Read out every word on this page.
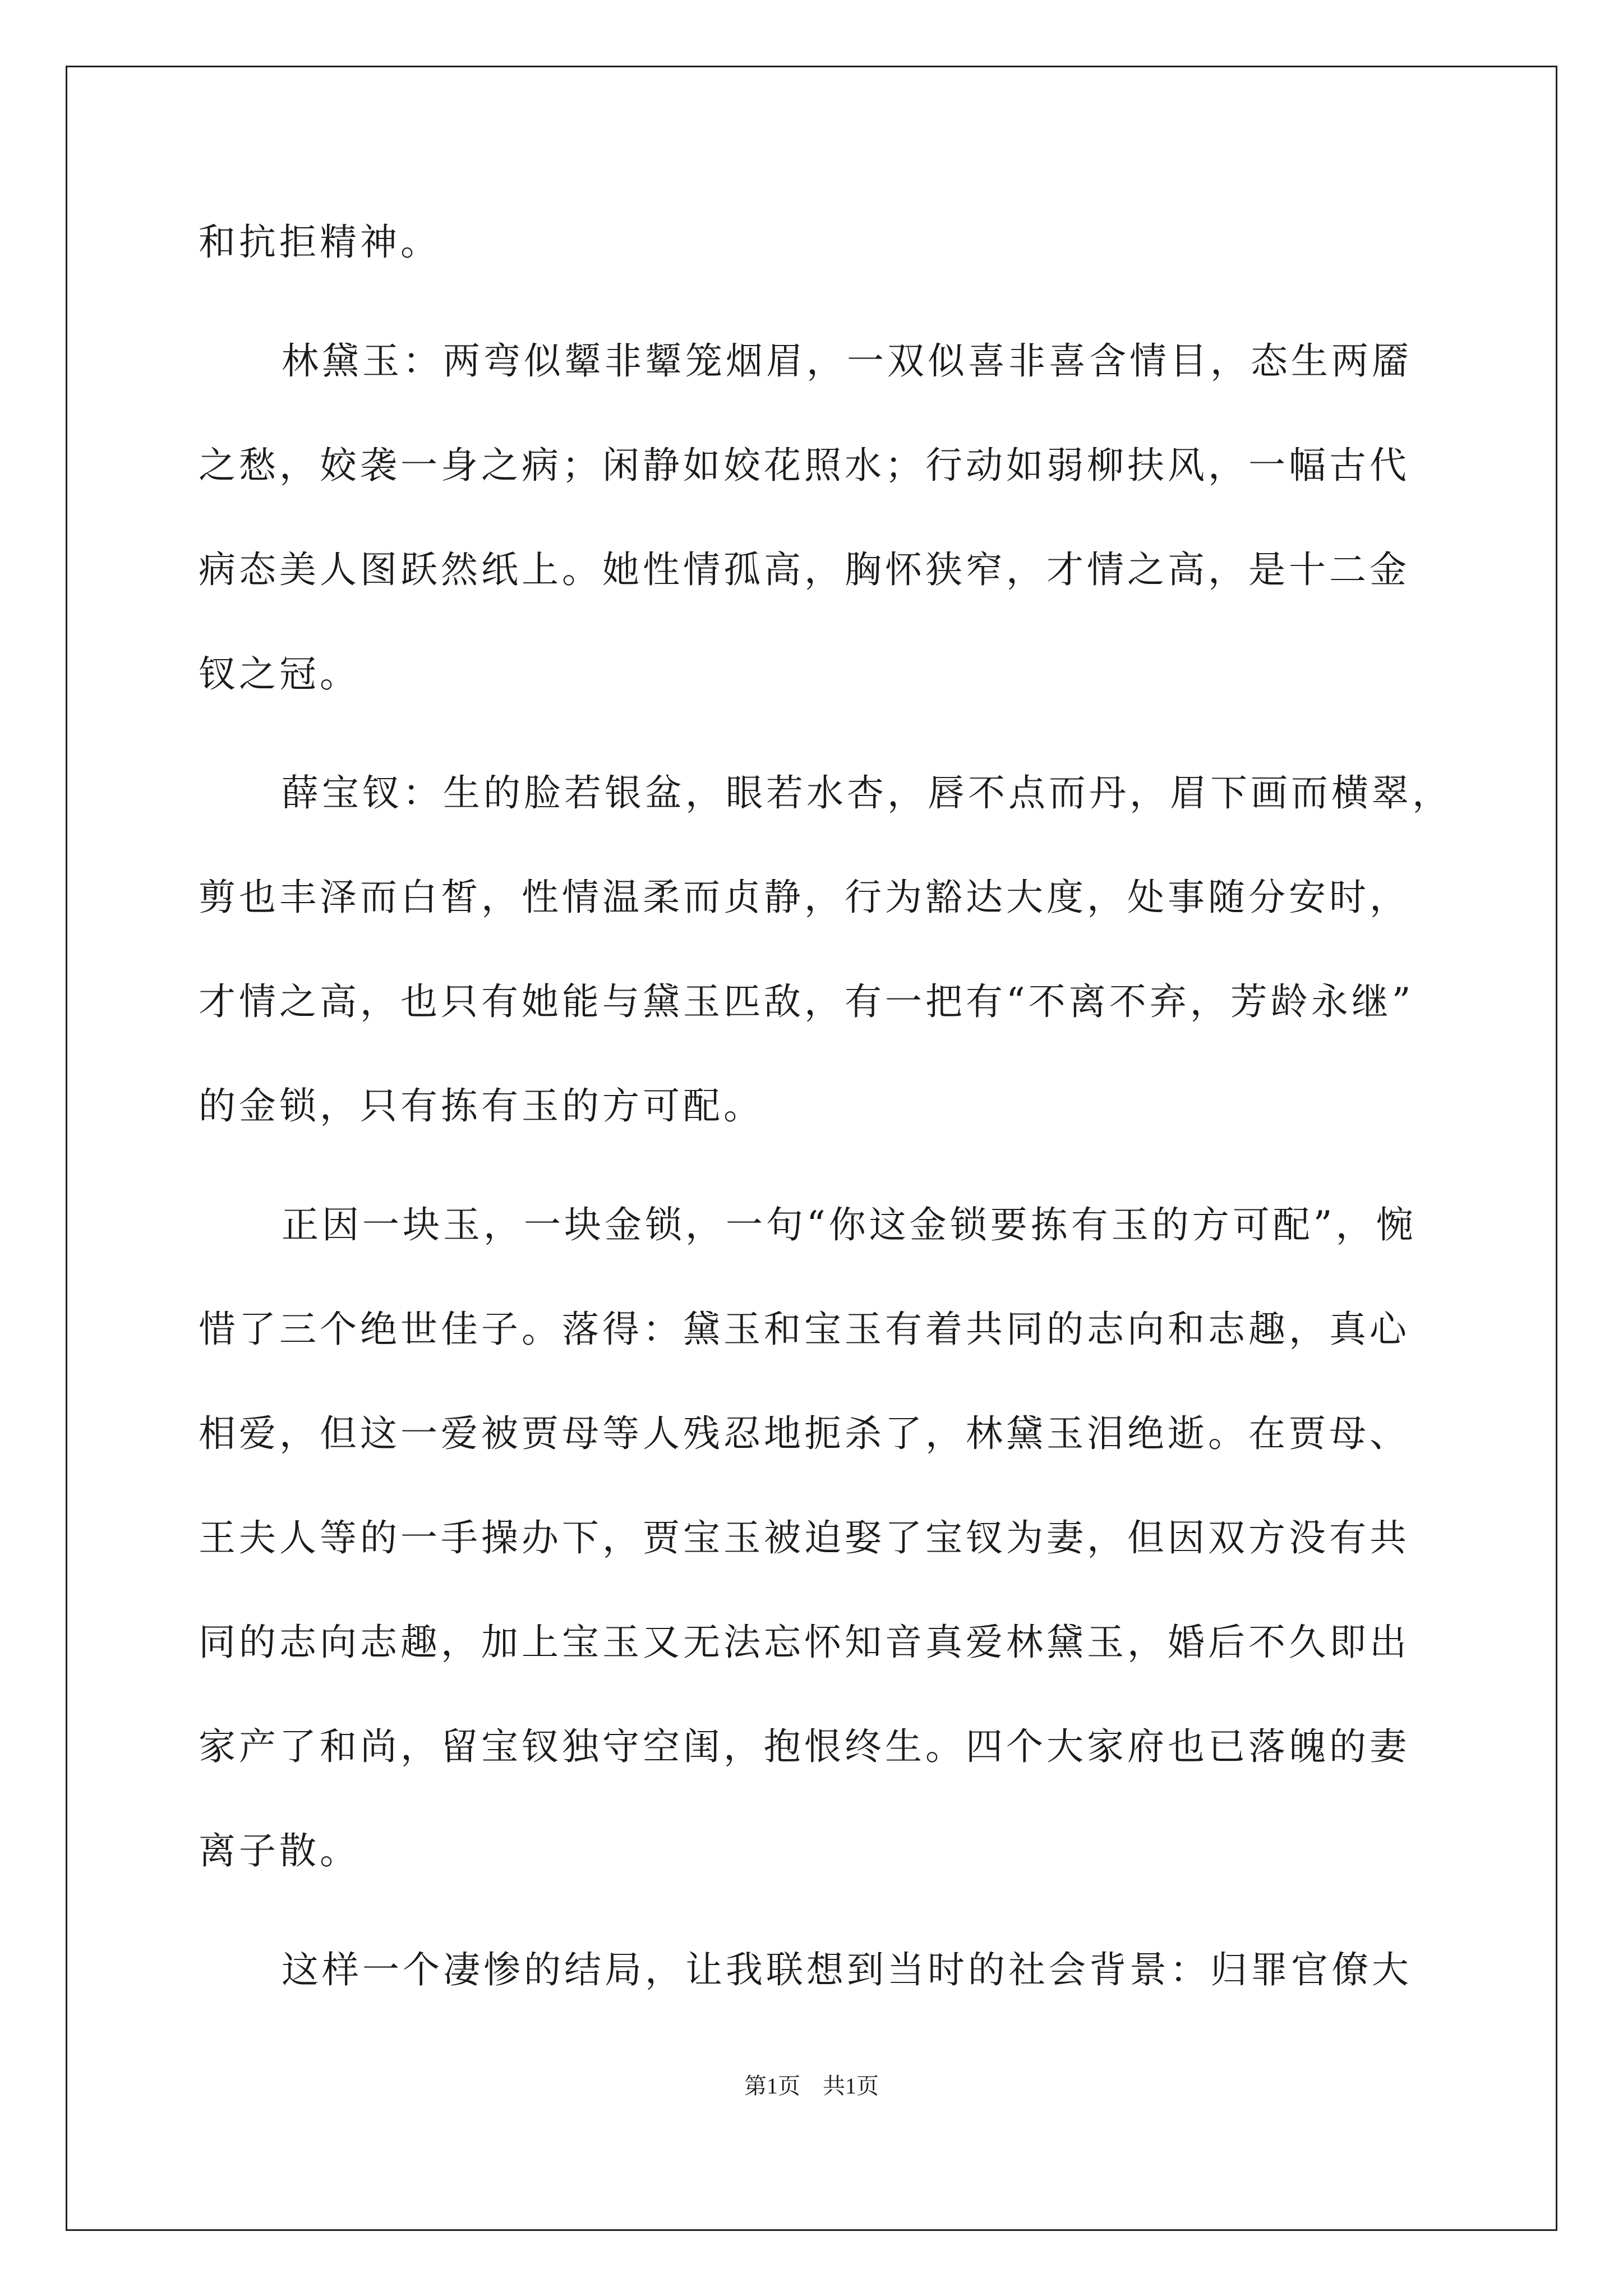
和抗拒精神。
林黛玉：两弯似颦非颦笼烟眉，一双似喜非喜含情目，态生两靥
之愁，姣袭一身之病；闲静如姣花照水；行动如弱柳扶风，一幅古代
病态美人图跃然纸上。她性情孤高，胸怀狭窄，才情之高，是十二金
钗之冠。
薛宝钗：生的脸若银盆，眼若水杏，唇不点而丹，眉下画而横翠，
剪也丰泽而白皙，性情温柔而贞静，行为豁达大度，处事随分安时，
才情之高，也只有她能与黛玉匹敌，有一把有“不离不弃，芳龄永继”
的金锁，只有拣有玉的方可配。
正因一块玉，一块金锁，一句“你这金锁要拣有玉的方可配”，惋
惜了三个绝世佳子。落得：黛玉和宝玉有着共同的志向和志趣，真心
相爱，但这一爱被贾母等人残忍地扼杀了，林黛玉泪绝逝。在贾母、
王夫人等的一手操办下，贾宝玉被迫娶了宝钗为妻，但因双方没有共
同的志向志趣，加上宝玉又无法忘怀知音真爱林黛玉，婚后不久即出
家产了和尚，留宝钗独守空闺，抱恨终生。四个大家府也已落魄的妻
离子散。
这样一个凄惨的结局，让我联想到当时的社会背景：归罪官僚大
第1页 共1页
